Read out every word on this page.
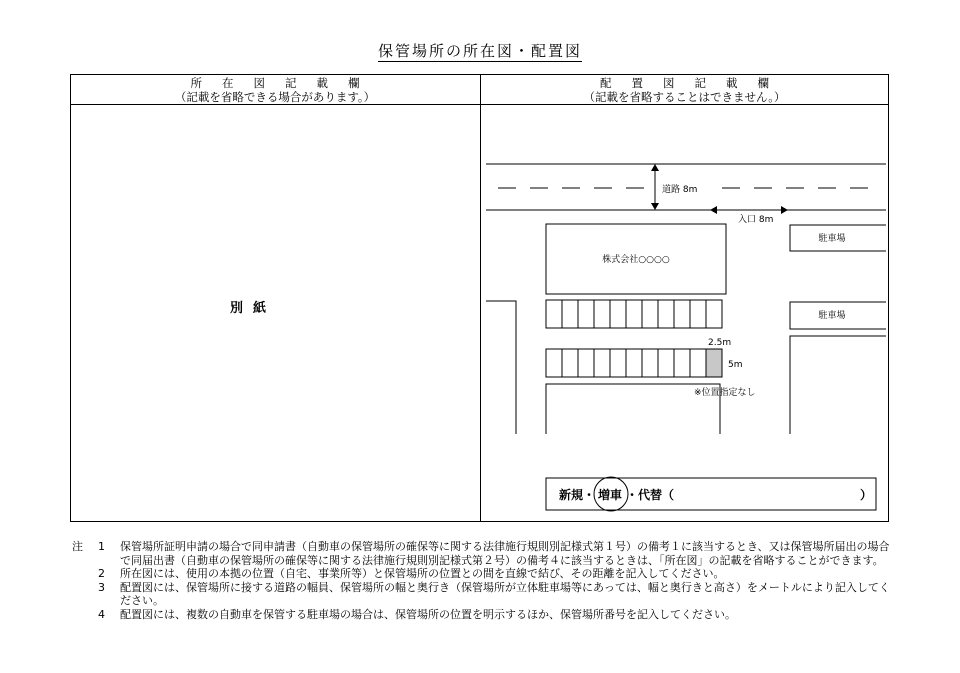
保管場所の所在図・配置図
所在図記載欄
（記載を省略できる場合があります。）
配置図記載欄
（記載を省略することはできません。）
別紙
道路 8m
入口 8m
株式会社○○○○
駐車場
駐車場
2.5m
5m
※位置指定なし
新規・ 増車 ・代替（	）
注	1	保管場所証明申請の場合で同申請書（自動車の保管場所の確保等に関する法律施行規則別記様式第１号）の備考１に該当するとき、又は保管場所届出の場合で同届出書（自動車の保管場所の確保等に関する法律施行規則別記様式第２号）の備考４に該当するときは、「所在図」の記載を省略することができます。
2	所在図には、使用の本拠の位置（自宅、事業所等）と保管場所の位置との間を直線で結び、その距離を記入してください。
3	配置図には、保管場所に接する道路の幅員、保管場所の幅と奥行き（保管場所が立体駐車場等にあっては、幅と奥行きと高さ）をメートルにより記入してください。
4	配置図には、複数の自動車を保管する駐車場の場合は、保管場所の位置を明示するほか、保管場所番号を記入してください。
